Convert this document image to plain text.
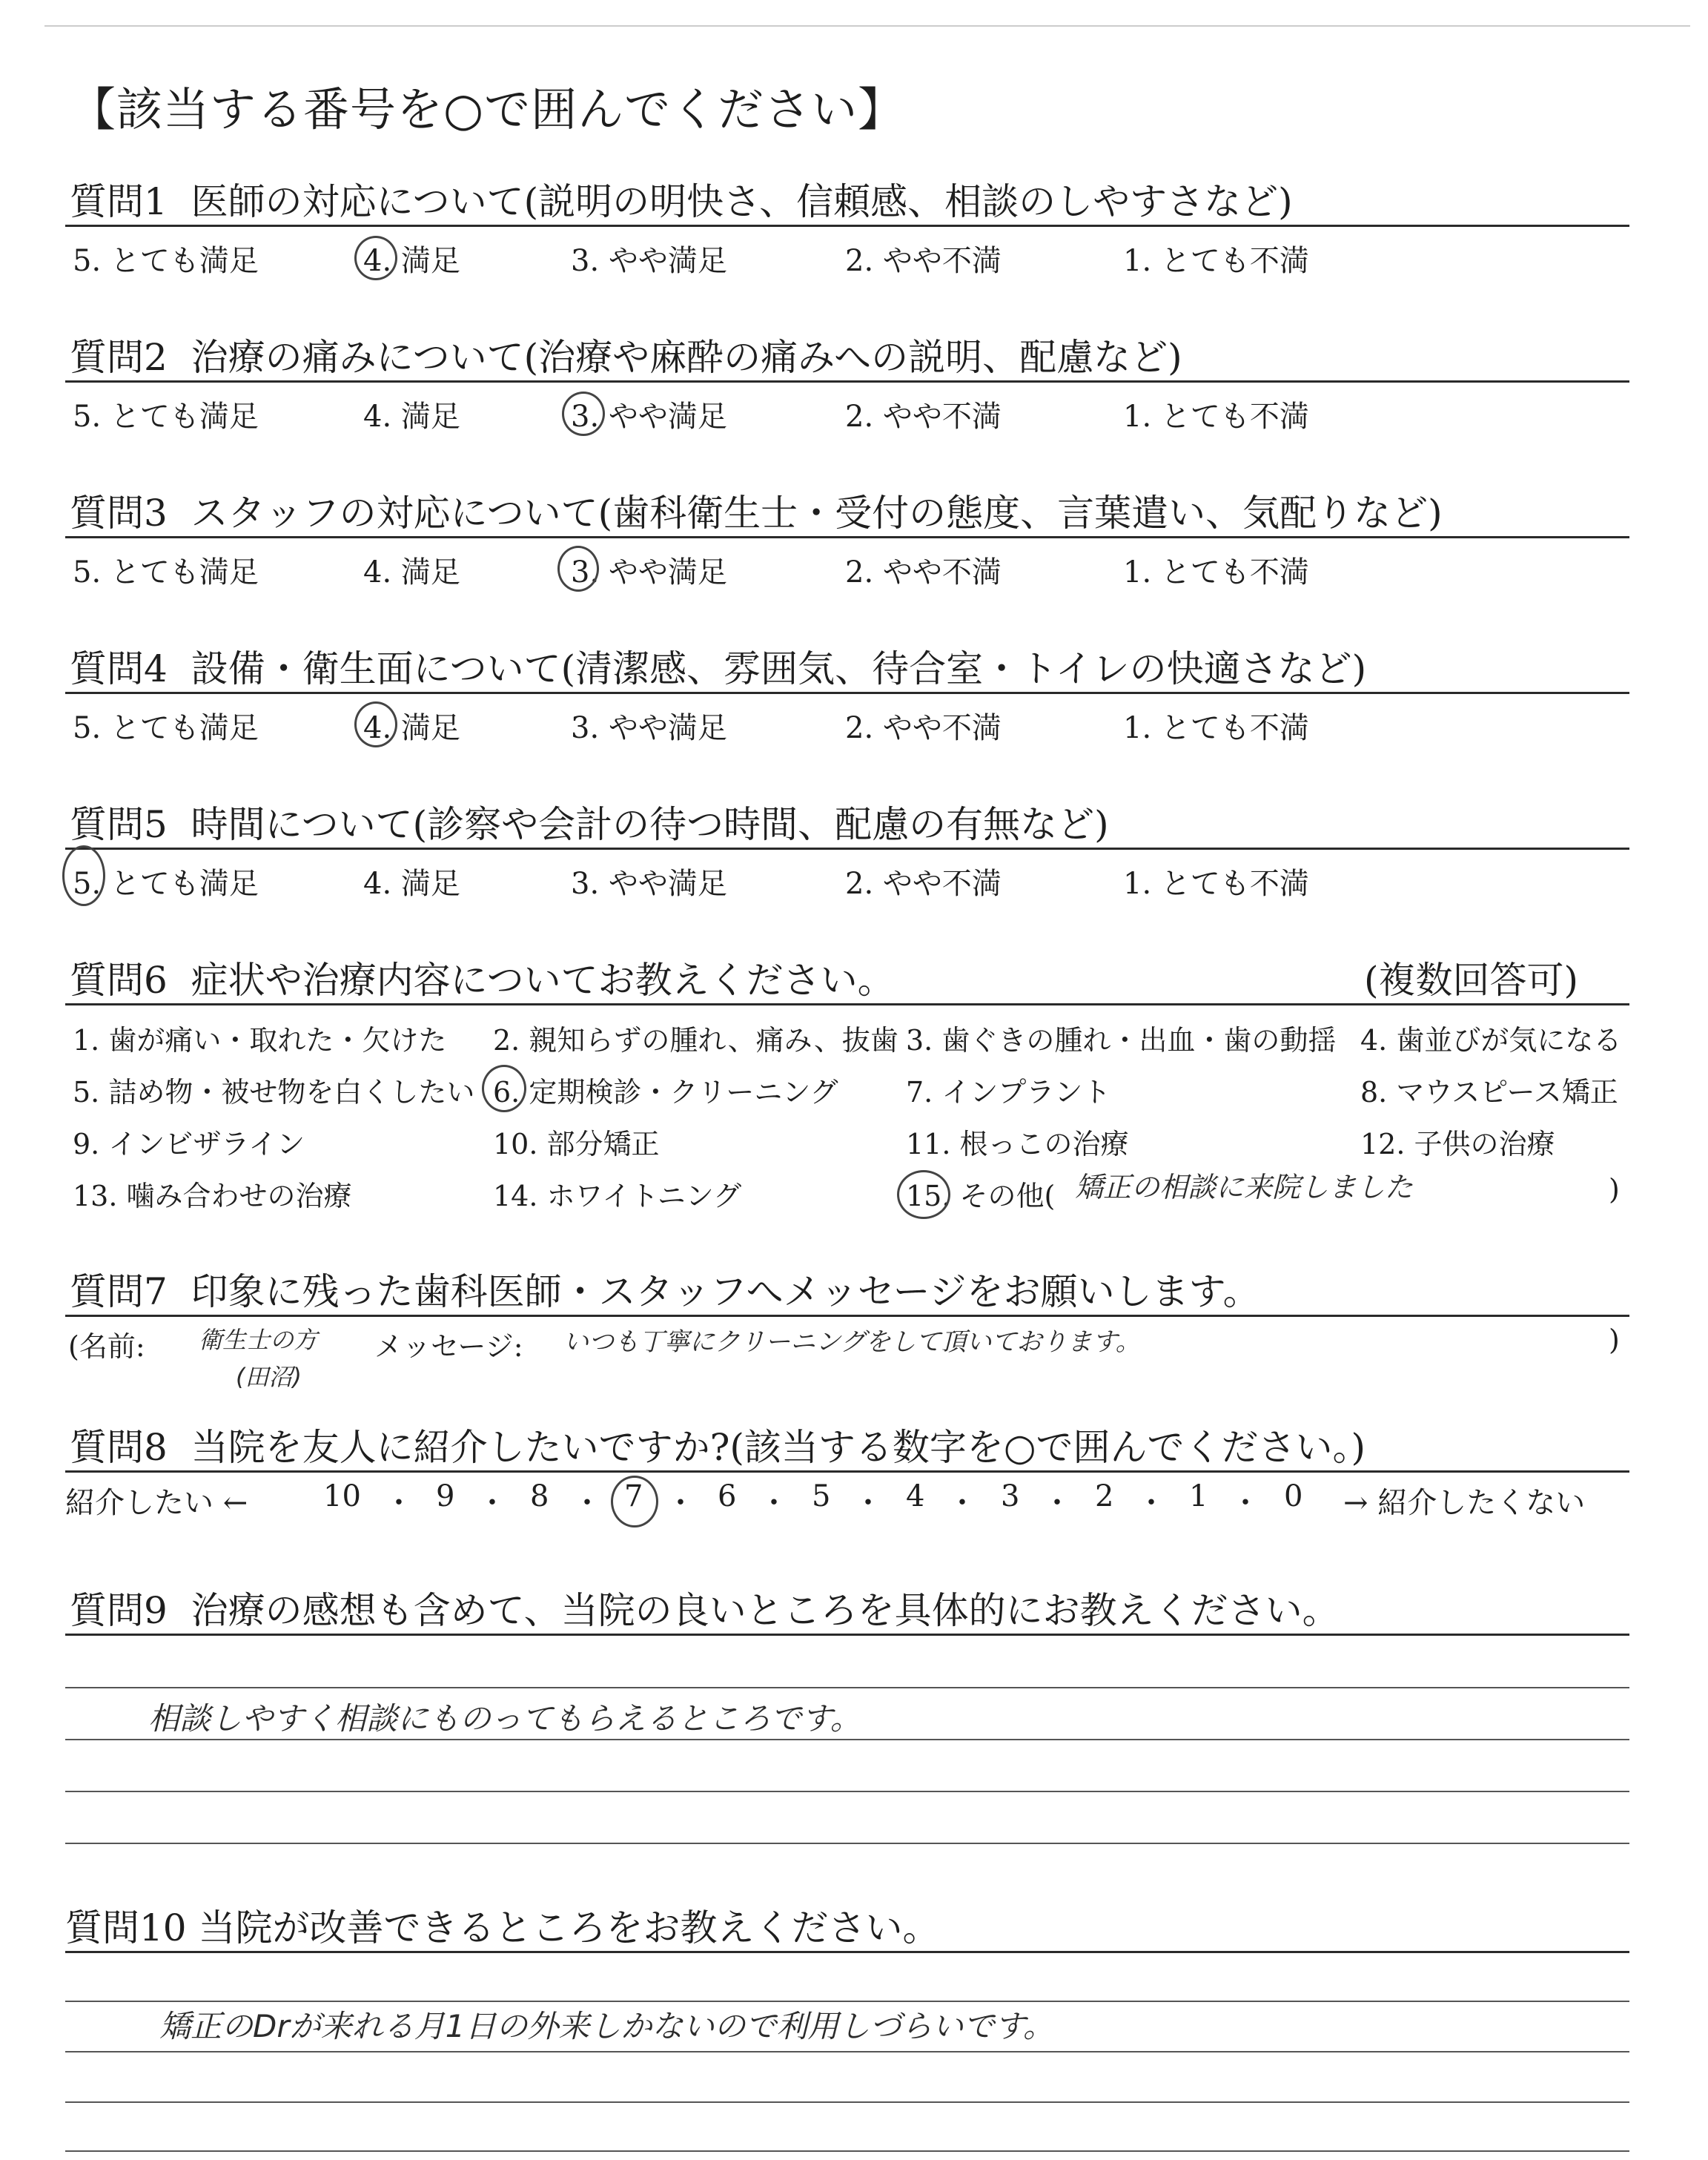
【該当する番号を○で囲んでください】
質問1 医師の対応について(説明の明快さ、信頼感、相談のしやすさなど)
5. とても満足	4. 満足	3. やや満足	2. やや不満	1. とても不満
質問2 治療の痛みについて(治療や麻酔の痛みへの説明、配慮など)
5. とても満足	4. 満足	3. やや満足	2. やや不満	1. とても不満
質問3 スタッフの対応について(歯科衛生士・受付の態度、言葉遣い、気配りなど)
5. とても満足	4. 満足	3. やや満足	2. やや不満	1. とても不満
質問4 設備・衛生面について(清潔感、雰囲気、待合室・トイレの快適さなど)
5. とても満足	4. 満足	3. やや満足	2. やや不満	1. とても不満
質問5 時間について(診察や会計の待つ時間、配慮の有無など)
5. とても満足	4. 満足	3. やや満足	2. やや不満	1. とても不満
質問6 症状や治療内容についてお教えください。	(複数回答可)
1. 歯が痛い・取れた・欠けた 2. 親知らずの腫れ、痛み、抜歯 3. 歯ぐきの腫れ・出血・歯の動揺 4. 歯並びが気になる
5. 詰め物・被せ物を白くしたい 6. 定期検診・クリーニング 7. インプラント	8. マウスピース矯正
9. インビザライン	10. 部分矯正	11. 根っこの治療	12. 子供の治療
13. 噛み合わせの治療	14. ホワイトニング	15. その他( 矯正の相談に来院しました	)
質問7 印象に残った歯科医師・スタッフへメッセージをお願いします。
(名前: 衛生士の方
(田沼)
メッセージ: いつも丁寧にクリーニングをして頂いております。	)
質問8 当院を友人に紹介したいですか?(該当する数字を○で囲んでください。)
紹介したい ←	10 ・ 9 ・ 8 ・ 7 ・ 6 ・ 5 ・ 4 ・ 3 ・ 2 ・ 1 ・ 0 → 紹介したくない
質問9 治療の感想も含めて、当院の良いところを具体的にお教えください。
相談しやすく相談にものってもらえるところです。
質問10 当院が改善できるところをお教えください。
矯正のDrが来れる月1日の外来しかないので利用しづらいです。
